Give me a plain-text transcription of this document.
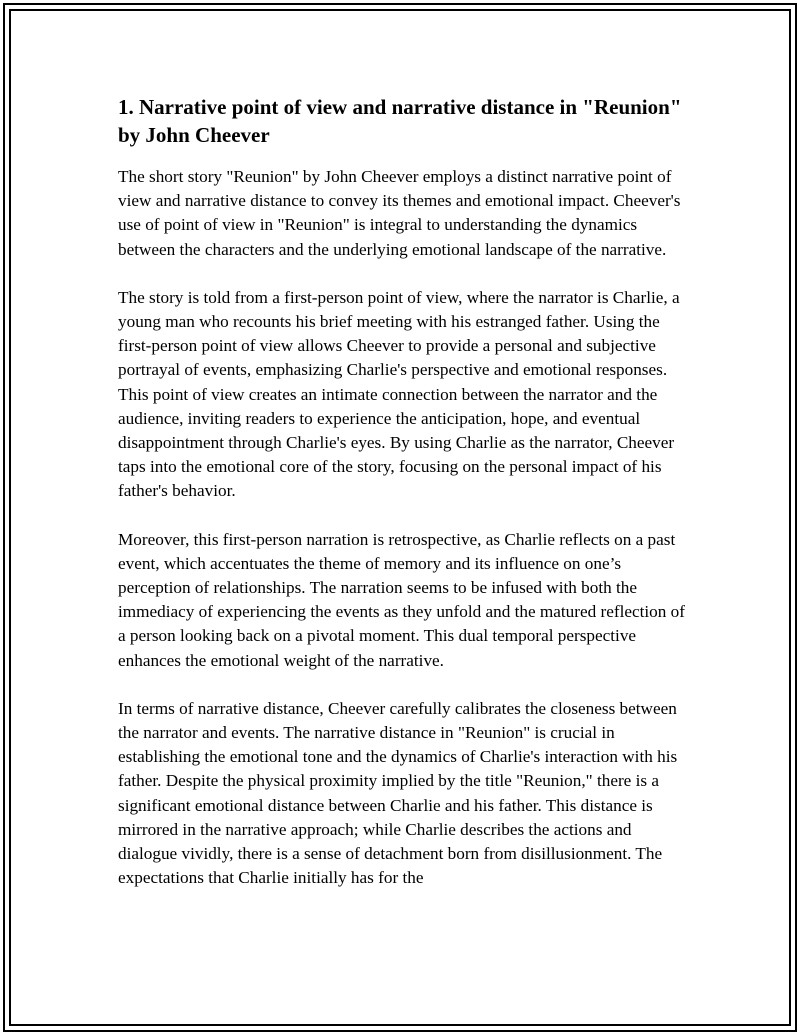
1. Narrative point of view and narrative distance in "Reunion" by John Cheever

The short story "Reunion" by John Cheever employs a distinct narrative point of view and narrative distance to convey its themes and emotional impact. Cheever's use of point of view in "Reunion" is integral to understanding the dynamics between the characters and the underlying emotional landscape of the narrative.

The story is told from a first-person point of view, where the narrator is Charlie, a young man who recounts his brief meeting with his estranged father. Using the first-person point of view allows Cheever to provide a personal and subjective portrayal of events, emphasizing Charlie's perspective and emotional responses. This point of view creates an intimate connection between the narrator and the audience, inviting readers to experience the anticipation, hope, and eventual disappointment through Charlie's eyes. By using Charlie as the narrator, Cheever taps into the emotional core of the story, focusing on the personal impact of his father's behavior.

Moreover, this first-person narration is retrospective, as Charlie reflects on a past event, which accentuates the theme of memory and its influence on one’s perception of relationships. The narration seems to be infused with both the immediacy of experiencing the events as they unfold and the matured reflection of a person looking back on a pivotal moment. This dual temporal perspective enhances the emotional weight of the narrative.

In terms of narrative distance, Cheever carefully calibrates the closeness between the narrator and events. The narrative distance in "Reunion" is crucial in establishing the emotional tone and the dynamics of Charlie's interaction with his father. Despite the physical proximity implied by the title "Reunion," there is a significant emotional distance between Charlie and his father. This distance is mirrored in the narrative approach; while Charlie describes the actions and dialogue vividly, there is a sense of detachment born from disillusionment. The expectations that Charlie initially has for the
